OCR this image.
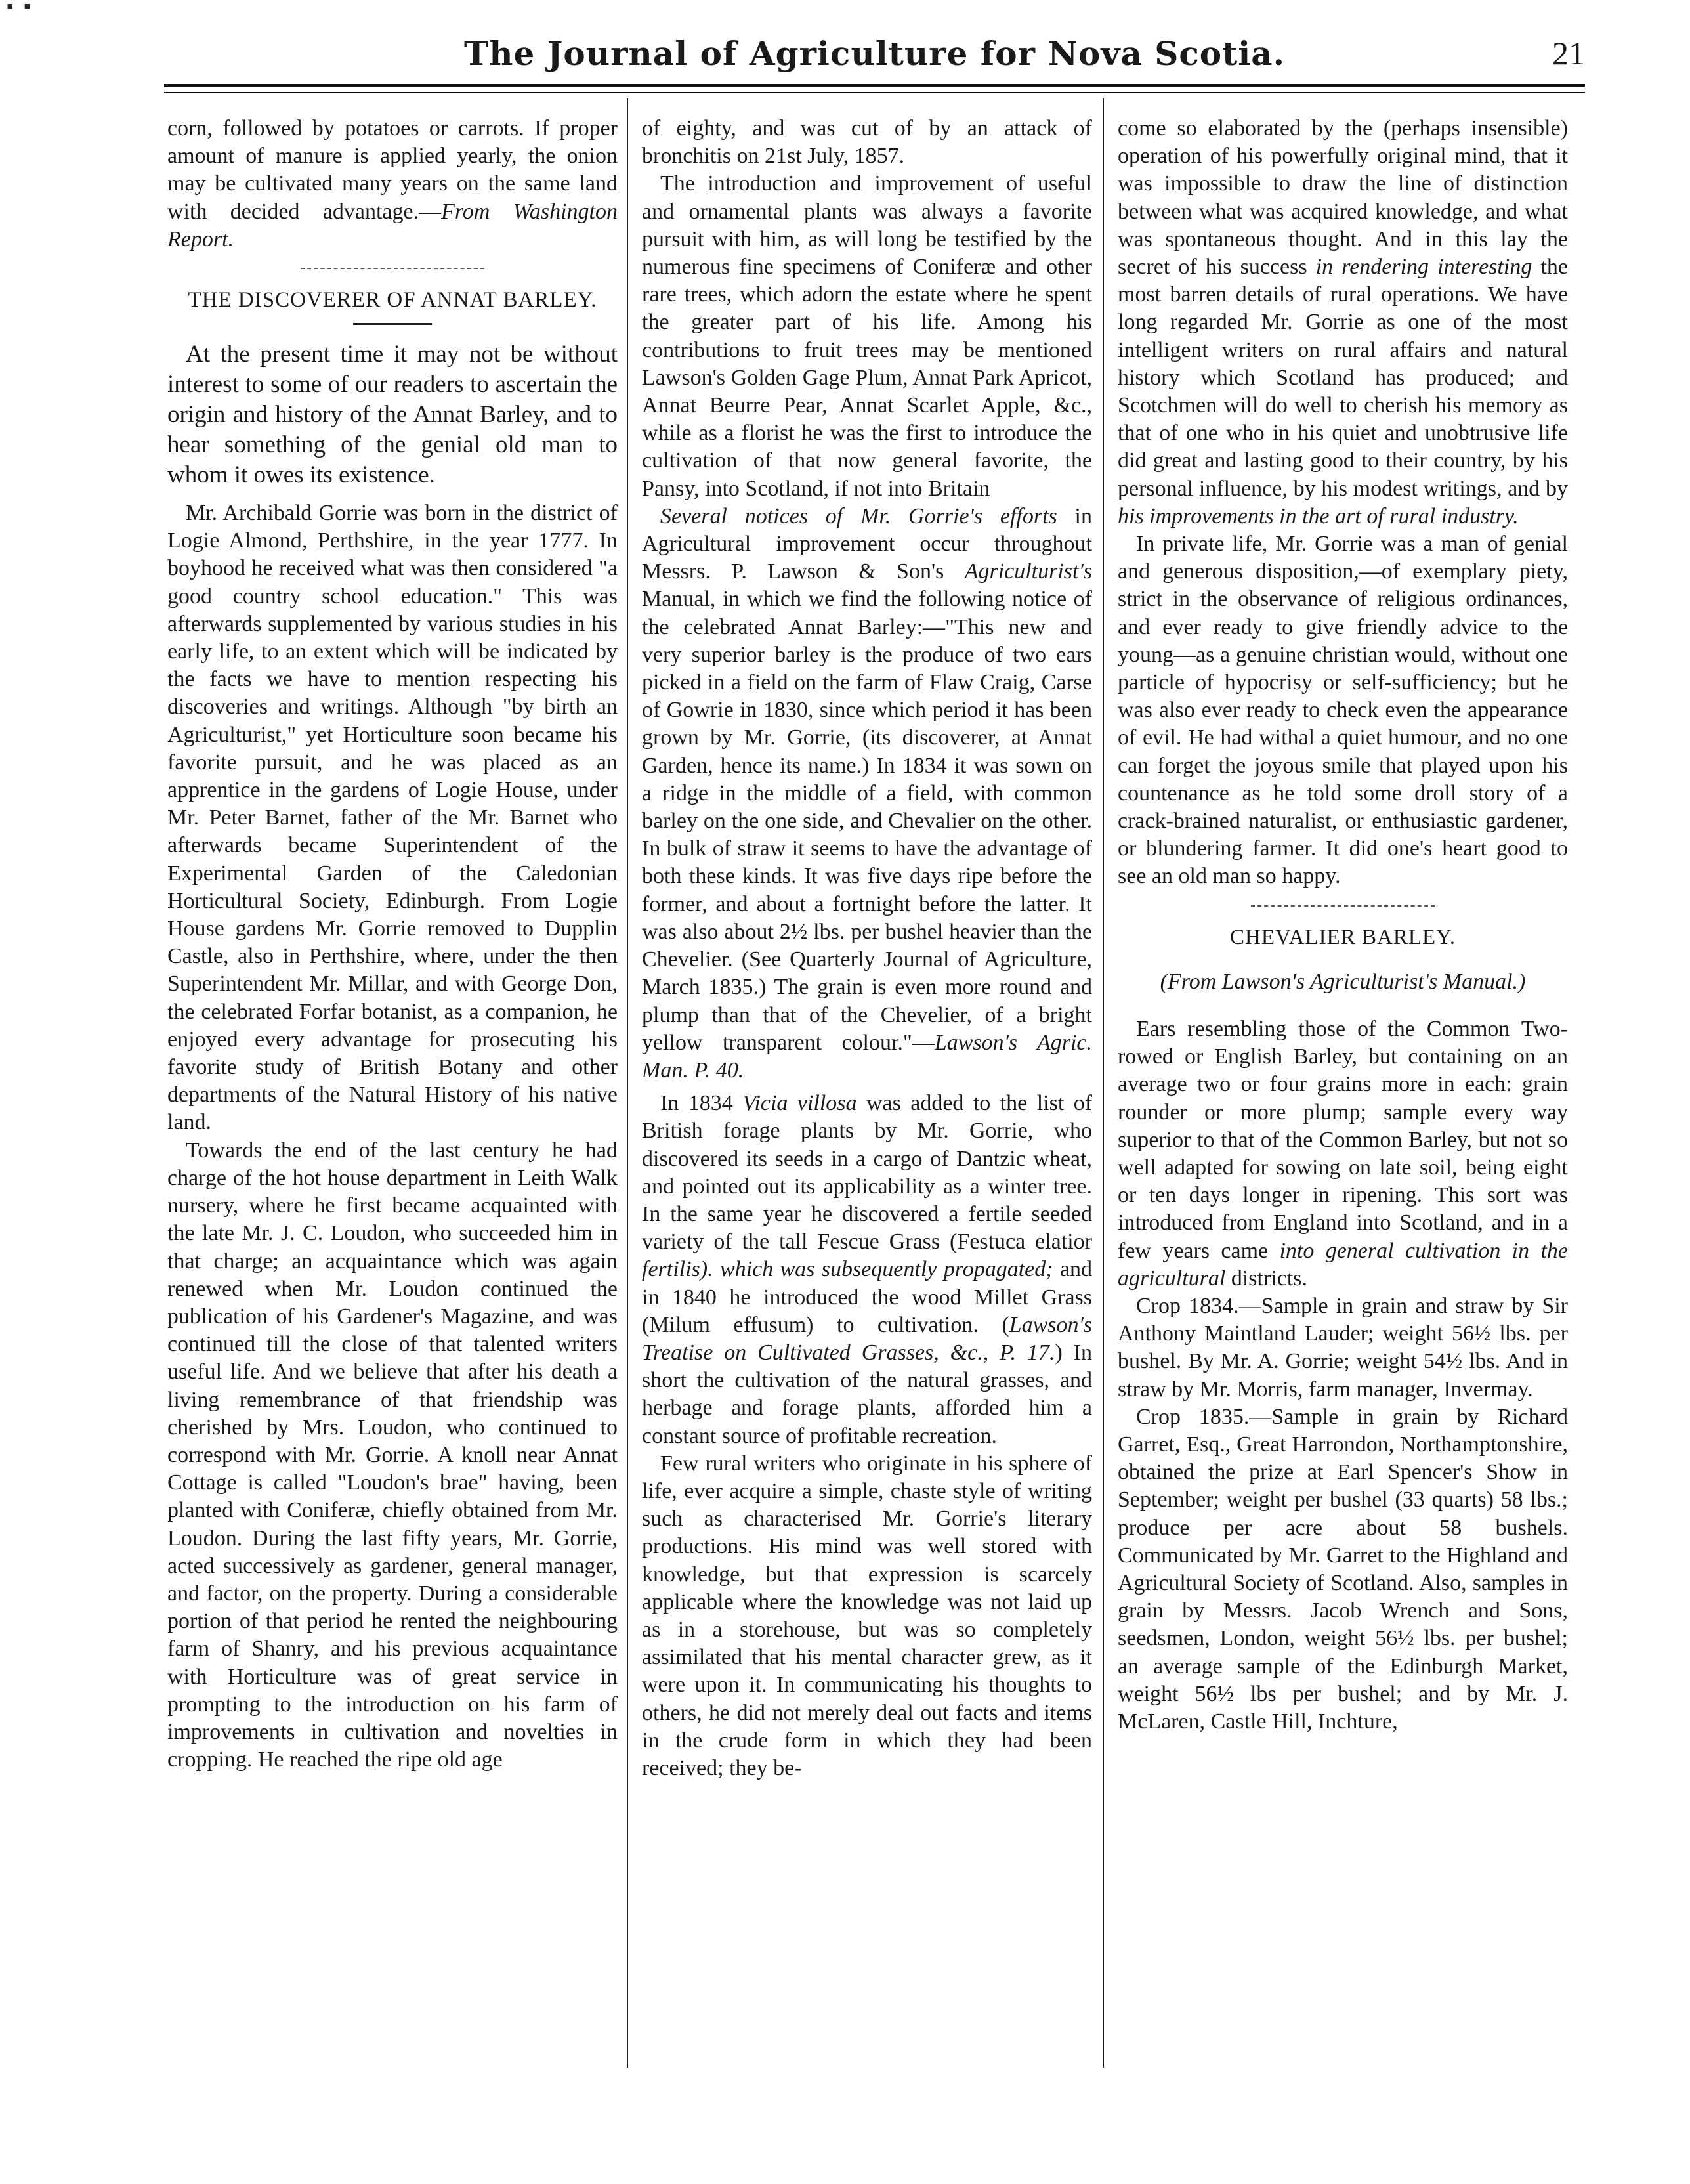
▪ ▪
The Journal of Agriculture for Nova Scotia.	21

corn, followed by potatoes or carrots. If proper amount of manure is applied yearly, the onion may be cultivated many years on the same land with decided advantage.—From Washington Report.

THE DISCOVERER OF ANNAT BARLEY.

At the present time it may not be without interest to some of our readers to ascertain the origin and history of the Annat Barley, and to hear something of the genial old man to whom it owes its existence.

Mr. Archibald Gorrie was born in the district of Logie Almond, Perthshire, in the year 1777. In boyhood he received what was then considered "a good country school education." This was afterwards supplemented by various studies in his early life, to an extent which will be indicated by the facts we have to mention respecting his discoveries and writings. Although "by birth an Agriculturist," yet Horticulture soon became his favorite pursuit, and he was placed as an apprentice in the gardens of Logie House, under Mr. Peter Barnet, father of the Mr. Barnet who afterwards became Superintendent of the Experimental Garden of the Caledonian Horticultural Society, Edinburgh. From Logie House gardens Mr. Gorrie removed to Dupplin Castle, also in Perthshire, where, under the then Superintendent Mr. Millar, and with George Don, the celebrated Forfar botanist, as a companion, he enjoyed every advantage for prosecuting his favorite study of British Botany and other departments of the Natural History of his native land.

Towards the end of the last century he had charge of the hot house department in Leith Walk nursery, where he first became acquainted with the late Mr. J. C. Loudon, who succeeded him in that charge; an acquaintance which was again renewed when Mr. Loudon continued the publication of his Gardener's Magazine, and was continued till the close of that talented writers useful life. And we believe that after his death a living remembrance of that friendship was cherished by Mrs. Loudon, who continued to correspond with Mr. Gorrie. A knoll near Annat Cottage is called "Loudon's brae" having, been planted with Coniferæ, chiefly obtained from Mr. Loudon. During the last fifty years, Mr. Gorrie, acted successively as gardener, general manager, and factor, on the property. During a considerable portion of that period he rented the neighbouring farm of Shanry, and his previous acquaintance with Horticulture was of great service in prompting to the introduction on his farm of improvements in cultivation and novelties in cropping. He reached the ripe old age

of eighty, and was cut of by an attack of bronchitis on 21st July, 1857.

The introduction and improvement of useful and ornamental plants was always a favorite pursuit with him, as will long be testified by the numerous fine specimens of Coniferæ and other rare trees, which adorn the estate where he spent the greater part of his life. Among his contributions to fruit trees may be mentioned Lawson's Golden Gage Plum, Annat Park Apricot, Annat Beurre Pear, Annat Scarlet Apple, &c., while as a florist he was the first to introduce the cultivation of that now general favorite, the Pansy, into Scotland, if not into Britain

Several notices of Mr. Gorrie's efforts in Agricultural improvement occur throughout Messrs. P. Lawson & Son's Agriculturist's Manual, in which we find the following notice of the celebrated Annat Barley:—"This new and very superior barley is the produce of two ears picked in a field on the farm of Flaw Craig, Carse of Gowrie in 1830, since which period it has been grown by Mr. Gorrie, (its discoverer, at Annat Garden, hence its name.) In 1834 it was sown on a ridge in the middle of a field, with common barley on the one side, and Chevalier on the other. In bulk of straw it seems to have the advantage of both these kinds. It was five days ripe before the former, and about a fortnight before the latter. It was also about 2½ lbs. per bushel heavier than the Chevelier. (See Quarterly Journal of Agriculture, March 1835.) The grain is even more round and plump than that of the Chevelier, of a bright yellow transparent colour."—Lawson's Agric. Man. P. 40.

In 1834 Vicia villosa was added to the list of British forage plants by Mr. Gorrie, who discovered its seeds in a cargo of Dantzic wheat, and pointed out its applicability as a winter tree. In the same year he discovered a fertile seeded variety of the tall Fescue Grass (Festuca elatior fertilis). which was subsequently propagated; and in 1840 he introduced the wood Millet Grass (Milum effusum) to cultivation. (Lawson's Treatise on Cultivated Grasses, &c., P. 17.) In short the cultivation of the natural grasses, and herbage and forage plants, afforded him a constant source of profitable recreation.

Few rural writers who originate in his sphere of life, ever acquire a simple, chaste style of writing such as characterised Mr. Gorrie's literary productions. His mind was well stored with knowledge, but that expression is scarcely applicable where the knowledge was not laid up as in a storehouse, but was so completely assimilated that his mental character grew, as it were upon it. In communicating his thoughts to others, he did not merely deal out facts and items in the crude form in which they had been received; they be-

come so elaborated by the (perhaps insensible) operation of his powerfully original mind, that it was impossible to draw the line of distinction between what was acquired knowledge, and what was spontaneous thought. And in this lay the secret of his success in rendering interesting the most barren details of rural operations. We have long regarded Mr. Gorrie as one of the most intelligent writers on rural affairs and natural history which Scotland has produced; and Scotchmen will do well to cherish his memory as that of one who in his quiet and unobtrusive life did great and lasting good to their country, by his personal influence, by his modest writings, and by his improvements in the art of rural industry.

In private life, Mr. Gorrie was a man of genial and generous disposition,—of exemplary piety, strict in the observance of religious ordinances, and ever ready to give friendly advice to the young—as a genuine christian would, without one particle of hypocrisy or self-sufficiency; but he was also ever ready to check even the appearance of evil. He had withal a quiet humour, and no one can forget the joyous smile that played upon his countenance as he told some droll story of a crack-brained naturalist, or enthusiastic gardener, or blundering farmer. It did one's heart good to see an old man so happy.

CHEVALIER BARLEY.

(From Lawson's Agriculturist's Manual.)

Ears resembling those of the Common Two-rowed or English Barley, but containing on an average two or four grains more in each: grain rounder or more plump; sample every way superior to that of the Common Barley, but not so well adapted for sowing on late soil, being eight or ten days longer in ripening. This sort was introduced from England into Scotland, and in a few years came into general cultivation in the agricultural districts.

Crop 1834.—Sample in grain and straw by Sir Anthony Maintland Lauder; weight 56½ lbs. per bushel. By Mr. A. Gorrie; weight 54½ lbs. And in straw by Mr. Morris, farm manager, Invermay.

Crop 1835.—Sample in grain by Richard Garret, Esq., Great Harrondon, Northamptonshire, obtained the prize at Earl Spencer's Show in September; weight per bushel (33 quarts) 58 lbs.; produce per acre about 58 bushels. Communicated by Mr. Garret to the Highland and Agricultural Society of Scotland. Also, samples in grain by Messrs. Jacob Wrench and Sons, seedsmen, London, weight 56½ lbs. per bushel; an average sample of the Edinburgh Market, weight 56½ lbs per bushel; and by Mr. J. McLaren, Castle Hill, Inchture,
